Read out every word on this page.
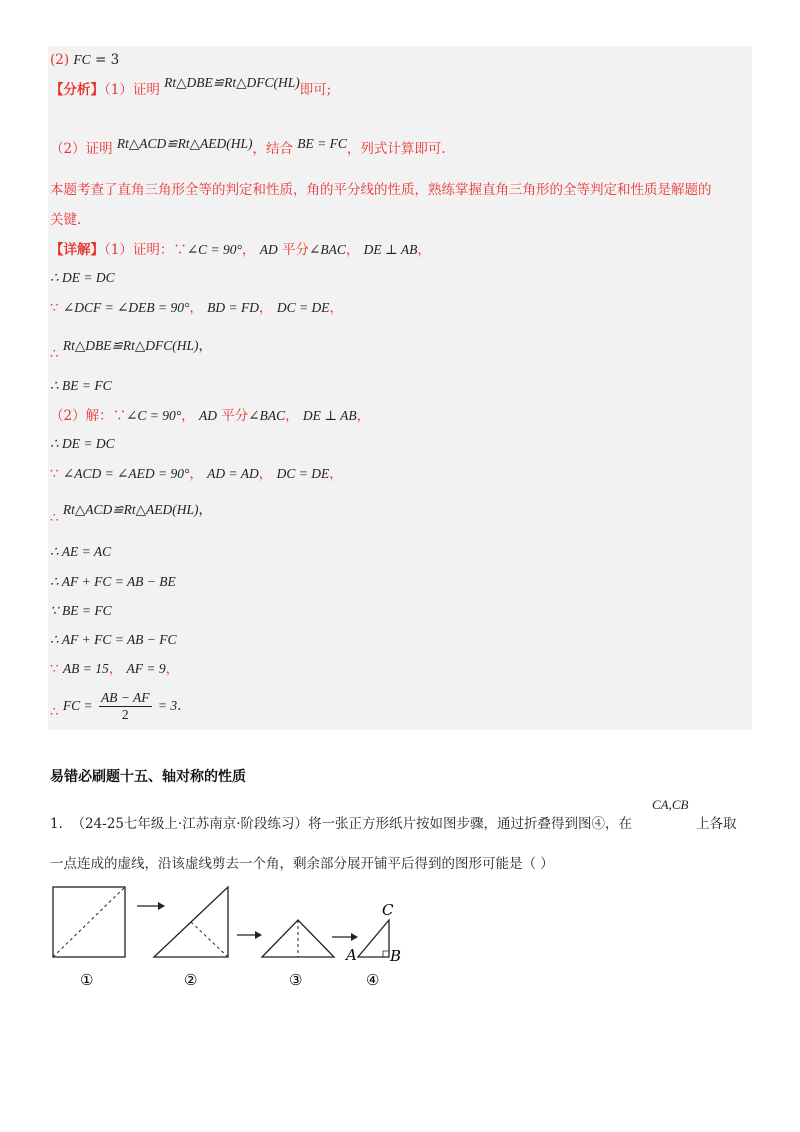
(2) FC = 3
【分析】（1）证明 Rt△DBE≌Rt△DFC(HL)即可;
（2）证明 Rt△ACD≌Rt△AED(HL)，结合 BE = FC，列式计算即可.
本题考查了直角三角形全等的判定和性质，角的平分线的性质，熟练掌握直角三角形的全等判定和性质是解题的
关键.
【详解】（1）证明：∵∠C = 90°， AD 平分∠BAC， DE ⊥ AB，
∴ DE = DC
∵ ∠DCF = ∠DEB = 90°， BD = FD， DC = DE，
∴ Rt△DBE≌Rt△DFC(HL)，
∴ BE = FC
（2）解：∵∠C = 90°， AD 平分∠BAC， DE ⊥ AB，
∴ DE = DC
∵ ∠ACD = ∠AED = 90°， AD = AD， DC = DE，
∴ Rt△ACD≌Rt△AED(HL)，
∴ AE = AC
∴ AF + FC = AB − BE
∵ BE = FC
∴ AF + FC = AB − FC
∵ AB = 15， AF = 9，
∴ FC = $\frac{AB - AF}{2} = 3$.
易错必刷题十五、轴对称的性质
1. （24-25七年级上·江苏南京·阶段练习）将一张正方形纸片按如图步骤，通过折叠得到图④，在
CA,CB
上各取
一点连成的虚线，沿该虚线剪去一个角，剩余部分展开铺平后得到的图形可能是（ ）
C
A B
①	②	③	④
